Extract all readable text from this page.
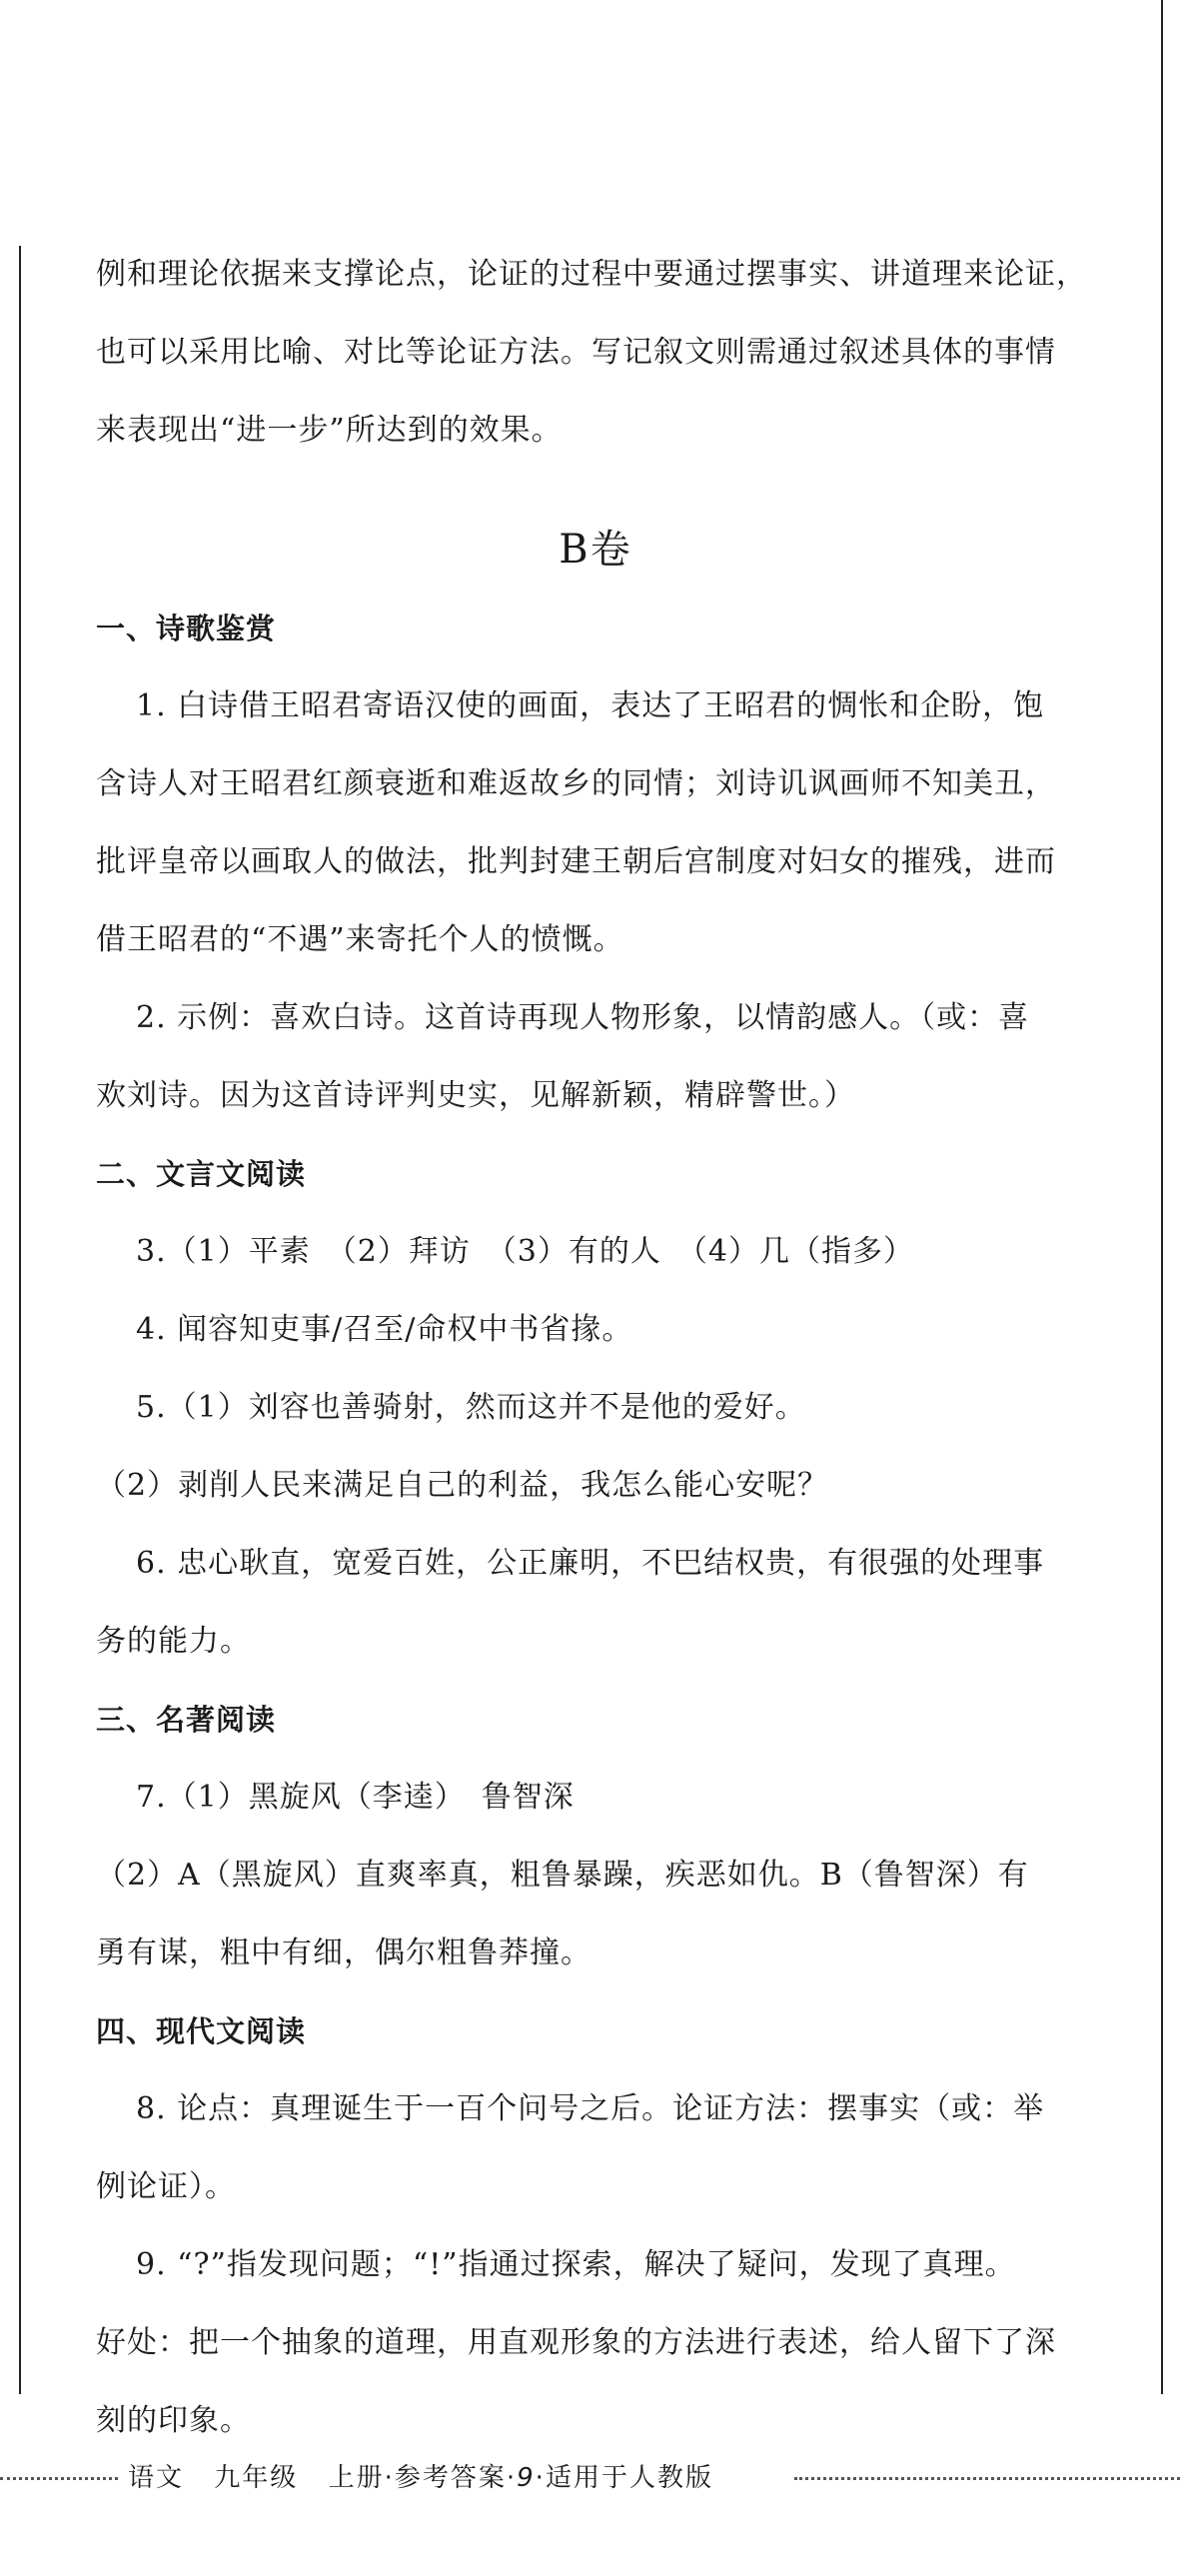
例和理论依据来支撑论点，论证的过程中要通过摆事实、讲道理来论证，
也可以采用比喻、对比等论证方法。写记叙文则需通过叙述具体的事情
来表现出“进一步”所达到的效果。
B卷
一、诗歌鉴赏
1. 白诗借王昭君寄语汉使的画面，表达了王昭君的惆怅和企盼，饱
含诗人对王昭君红颜衰逝和难返故乡的同情；刘诗讥讽画师不知美丑，
批评皇帝以画取人的做法，批判封建王朝后宫制度对妇女的摧残，进而
借王昭君的“不遇”来寄托个人的愤慨。
2. 示例：喜欢白诗。这首诗再现人物形象，以情韵感人。（或：喜
欢刘诗。因为这首诗评判史实，见解新颖，精辟警世。）
二、文言文阅读
3.（1）平素　（2）拜访　（3）有的人　（4）几（指多）
4. 闻容知吏事/召至/命权中书省掾。
5.（1）刘容也善骑射，然而这并不是他的爱好。
（2）剥削人民来满足自己的利益，我怎么能心安呢？
6. 忠心耿直，宽爱百姓，公正廉明，不巴结权贵，有很强的处理事
务的能力。
三、名著阅读
7.（1）黑旋风（李逵）　鲁智深
（2）A（黑旋风）直爽率真，粗鲁暴躁，疾恶如仇。B（鲁智深）有
勇有谋，粗中有细，偶尔粗鲁莽撞。
四、现代文阅读
8. 论点：真理诞生于一百个问号之后。论证方法：摆事实（或：举
例论证）。
9. “?”指发现问题；“!”指通过探索，解决了疑问，发现了真理。
好处：把一个抽象的道理，用直观形象的方法进行表述，给人留下了深
刻的印象。
语文 九年级 上册·参考答案·9·适用于人教版
